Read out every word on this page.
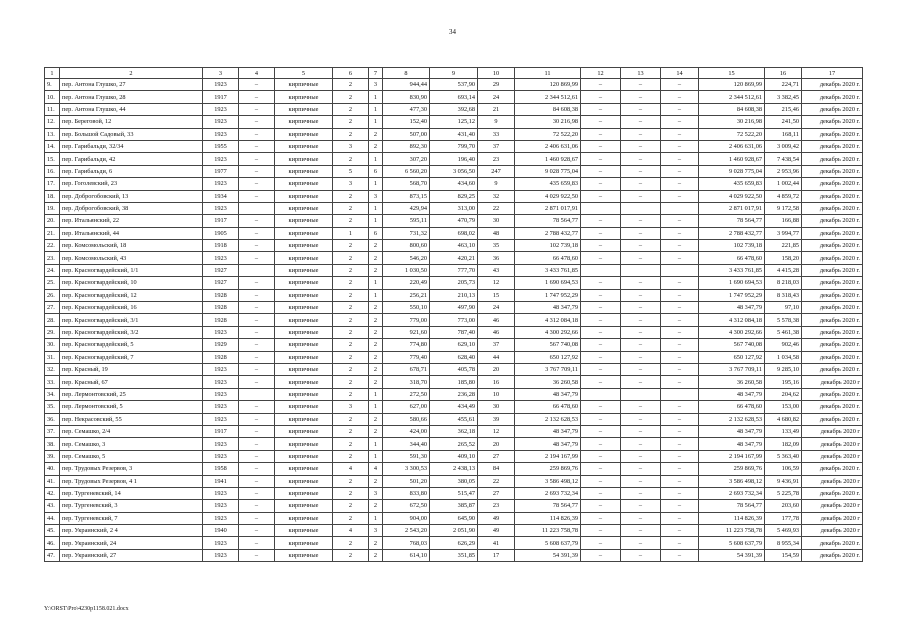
34
1	2	3	4	5	6	7	8	9	10	11	12	13	14	15	16	17
9.	пер. Антона Глушко, 27	1923	–	кирпичные	2	3	944,44	537,90	29	120 869,99	–	–	–	120 869,99	224,71	декабрь 2020 г.
10.	пер. Антона Глушко, 28	1917	–	кирпичные	2	1	830,90	693,14	24	2 344 512,61	–	–	–	2 344 512,61	3 382,45	декабрь 2020 г.
11.	пер. Антона Глушко, 44	1923	–	кирпичные	2	1	477,30	392,68	21	84 608,38	–	–	–	84 608,38	215,46	декабрь 2020 г.
12.	пер. Береговой, 12	1923	–	кирпичные	2	1	152,40	125,12	9	30 216,98	–	–	–	30 216,98	241,50	декабрь 2020 г.
13.	пер. Большой Садовый, 33	1923	–	кирпичные	2	2	507,00	431,40	33	72 522,20	–	–	–	72 522,20	168,11	декабрь 2020 г.
14.	пер. Гарибальди, 32/34	1955	–	кирпичные	3	2	892,30	799,70	37	2 406 631,06	–	–	–	2 406 631,06	3 009,42	декабрь 2020 г.
15.	пер. Гарибальди, 42	1923	–	кирпичные	2	1	307,20	196,40	23	1 460 928,67	–	–	–	1 460 928,67	7 438,54	декабрь 2020 г.
16.	пер. Гарибальди, 6	1977	–	кирпичные	5	6	6 560,20	3 056,50	247	9 028 775,04	–	–	–	9 028 775,04	2 953,96	декабрь 2020 г.
17.	пер. Гоголевский, 23	1923	–	кирпичные	3	1	568,70	434,60	9	435 659,83	–	–	–	435 659,83	1 002,44	декабрь 2020 г.
18.	пер. Доброгобовский, 13	1934	–	кирпичные	2	3	873,15	829,25	32	4 029 922,50	–	–	–	4 029 922,50	4 859,72	декабрь 2020 г.
19.	пер. Доброгобовский, 38	1923		кирпичные	2	1	429,94	313,00	22	2 871 017,91				2 871 017,91	9 172,58	декабрь 2020 г.
20.	пер. Итальянский, 22	1917	–	кирпичные	2	1	595,11	470,79	30	78 564,77	–	–	–	78 564,77	166,88	декабрь 2020 г.
21.	пер. Итальянский, 44	1905	–	кирпичные	1	6	731,32	698,02	48	2 788 432,77	–	–	–	2 788 432,77	3 994,77	декабрь 2020 г.
22.	пер. Комсомольский, 18	1918	–	кирпичные	2	2	800,60	463,10	35	102 739,18	–	–	–	102 739,18	221,85	декабрь 2020 г.
23.	пер. Комсомольский, 43	1923	–	кирпичные	2	2	546,20	420,21	36	66 478,60	–	–	–	66 478,60	158,20	декабрь 2020 г.
24.	пер. Красногвардейский, 1/1	1927		кирпичные	2	2	1 030,50	777,70	43	3 433 761,85				3 433 761,85	4 415,28	декабрь 2020 г.
25.	пер. Красногвардейский, 10	1927	–	кирпичные	2	1	220,49	205,73	12	1 690 694,53	–	–	–	1 690 694,53	8 218,03	декабрь 2020 г.
26.	пер. Красногвардейский, 12	1928	–	кирпичные	2	1	256,21	210,13	15	1 747 952,29	–	–	–	1 747 952,29	8 318,43	декабрь 2020 г.
27.	пер. Красногвардейский, 16	1928	–	кирпичные	2	2	550,10	497,90	24	48 347,79	–	–	–	48 347,79	97,10	декабрь 2020 г.
28.	пер. Красногвардейский, 3/1	1928	–	кирпичные	2	2	779,00	773,00	46	4 312 084,18	–	–	–	4 312 084,18	5 578,38	декабрь 2020 г.
29.	пер. Красногвардейский, 3/2	1923	–	кирпичные	2	2	921,60	787,40	46	4 300 292,66	–	–	–	4 300 292,66	5 461,38	декабрь 2020 г.
30.	пер. Красногвардейский, 5	1929	–	кирпичные	2	2	774,80	629,10	37	567 740,08	–	–	–	567 740,08	902,46	декабрь 2020 г.
31.	пер. Красногвардейский, 7	1928	–	кирпичные	2	2	779,40	628,40	44	650 127,92	–	–	–	650 127,92	1 034,58	декабрь 2020 г.
32.	пер. Красный, 19	1923	–	кирпичные	2	2	678,71	405,78	20	3 767 709,11	–	–	–	3 767 709,11	9 285,10	декабрь 2020 г.
33.	пер. Красный, 67	1923	–	кирпичные	2	2	318,70	185,80	16	36 260,58	–	–	–	36 260,58	195,16	декабрь 2020 г
34.	пер. Лермонтовский, 25	1923		кирпичные	2	1	272,50	236,28	10	48 347,79				48 347,79	204,62	декабрь 2020 г.
35.	пер. Лермонтовский, 5	1923	–	кирпичные	3	1	627,00	434,49	30	66 478,60	–	–	–	66 478,60	153,00	декабрь 2020 г.
36.	пер. Некрасовский, 55	1923	–	кирпичные	2	2	580,66	455,61	39	2 132 628,53	–	–	–	2 132 628,53	4 680,82	декабрь 2020 г.
37.	пер. Семашко, 2/4	1917	–	кирпичные	2	2	424,00	362,18	12	48 347,79	–	–	–	48 347,79	133,49	декабрь 2020 г
38.	пер. Семашко, 3	1923	–	кирпичные	2	1	344,40	265,52	20	48 347,79	–	–	–	48 347,79	182,09	декабрь 2020 г
39.	пер. Семашко, 5	1923	–	кирпичные	2	1	591,30	409,10	27	2 194 167,99	–	–	–	2 194 167,99	5 363,40	декабрь 2020 г
40.	пер. Трудовых Резервов, 3	1958	–	кирпичные	4	4	3 300,53	2 438,13	84	259 869,76	–	–	–	259 869,76	106,59	декабрь 2020 г.
41.	пер. Трудовых Резервов, 4 1	1941	–	кирпичные	2	2	501,20	380,05	22	3 586 498,12	–	–	–	3 586 498,12	9 436,91	декабрь 2020 г
42.	пер. Тургеневский, 14	1923	–	кирпичные	2	3	833,80	515,47	27	2 693 732,34	–	–	–	2 693 732,34	5 225,78	декабрь 2020 г.
43.	пер. Тургеневский, 3	1923	–	кирпичные	2	2	672,50	385,87	23	78 564,77	–	–	–	78 564,77	203,60	декабрь 2020 г
44.	пер. Тургеневский, 7	1923	–	кирпичные	2	1	904,00	645,90	49	114 826,39	–	–	–	114 826,39	177,78	декабрь 2020 г
45.	пер. Украинский, 2 4	1940	–	кирпичные	4	3	2 543,20	2 051,90	49	11 223 758,78	–	–	–	11 223 758,78	5 469,93	декабрь 2020 г
46.	пер. Украинский, 24	1923	–	кирпичные	2	2	768,03	626,29	41	5 608 637,79	–	–	–	5 608 637,79	8 955,34	декабрь 2020 г.
47.	пер. Украинский, 27	1923	–	кирпичные	2	2	614,10	351,85	17	54 391,39	–	–	–	54 391,39	154,59	декабрь 2020 г.
Y:\ORST\Pro\4230p1158.021.docx
